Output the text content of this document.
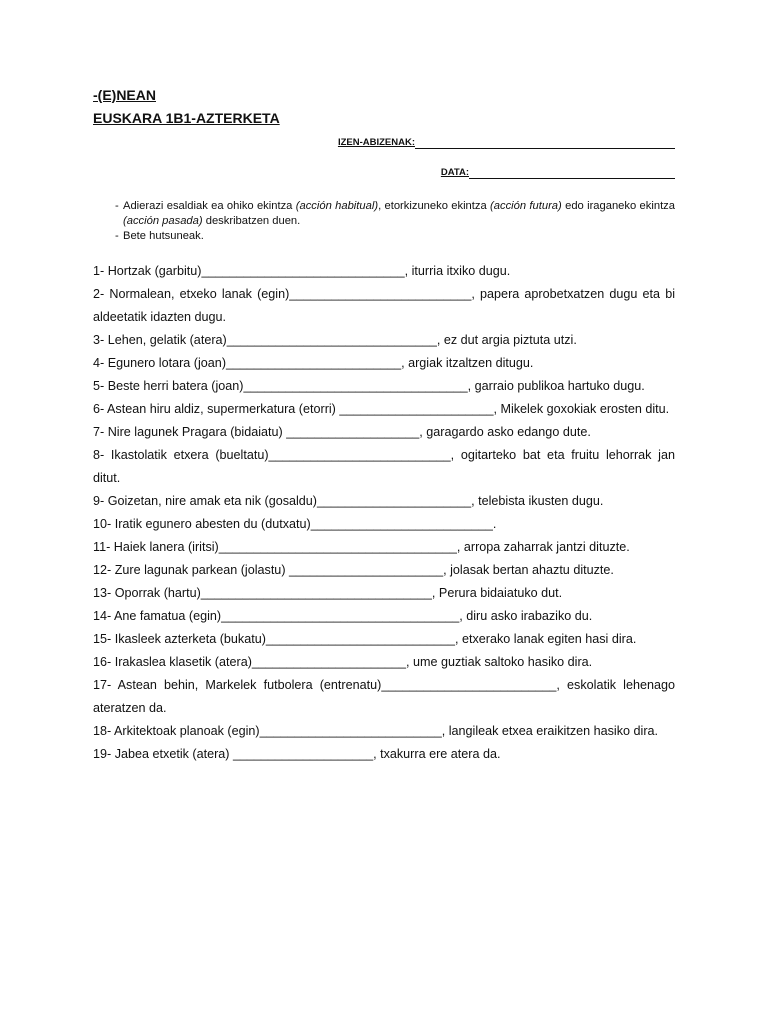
-(E)NEAN

EUSKARA 1B1-AZTERKETA

IZEN-ABIZENAK:
DATA:
- Adierazi esaldiak ea ohiko ekintza (acción habitual), etorkizuneko ekintza (acción futura) edo iraganeko ekintza (acción pasada) deskribatzen duen.
- Bete hutsuneak.

1- Hortzak (garbitu)_____________________________, iturria itxiko dugu.

2- Normalean, etxeko lanak (egin)__________________________, papera aprobetxatzen dugu eta bi aldeetatik idazten dugu.

3- Lehen, gelatik (atera)______________________________, ez dut argia piztuta utzi.

4- Egunero lotara (joan)_________________________, argiak itzaltzen ditugu.

5- Beste herri batera (joan)________________________________, garraio publikoa hartuko dugu.

6- Astean hiru aldiz, supermerkatura (etorri) ______________________, Mikelek goxokiak erosten ditu.

7- Nire lagunek Pragara (bidaiatu) ___________________, garagardo asko edango dute.

8- Ikastolatik etxera (bueltatu)__________________________, ogitarteko bat eta fruitu lehorrak jan ditut.

9- Goizetan, nire amak eta nik (gosaldu)______________________, telebista ikusten dugu.

10- Iratik egunero abesten du (dutxatu)__________________________.

11- Haiek lanera (iritsi)__________________________________, arropa zaharrak jantzi dituzte.

12- Zure lagunak parkean (jolastu) ______________________, jolasak bertan ahaztu dituzte.

13- Oporrak (hartu)_________________________________, Perura bidaiatuko dut.

14- Ane famatua (egin)__________________________________, diru asko irabaziko du.

15- Ikasleek azterketa (bukatu)___________________________, etxerako lanak egiten hasi dira.

16- Irakaslea klasetik (atera)______________________, ume guztiak saltoko hasiko dira.

17- Astean behin, Markelek futbolera (entrenatu)_________________________, eskolatik lehenago ateratzen da.

18- Arkitektoak planoak (egin)__________________________, langileak etxea eraikitzen hasiko dira.

19- Jabea etxetik (atera) ____________________, txakurra ere atera da.
